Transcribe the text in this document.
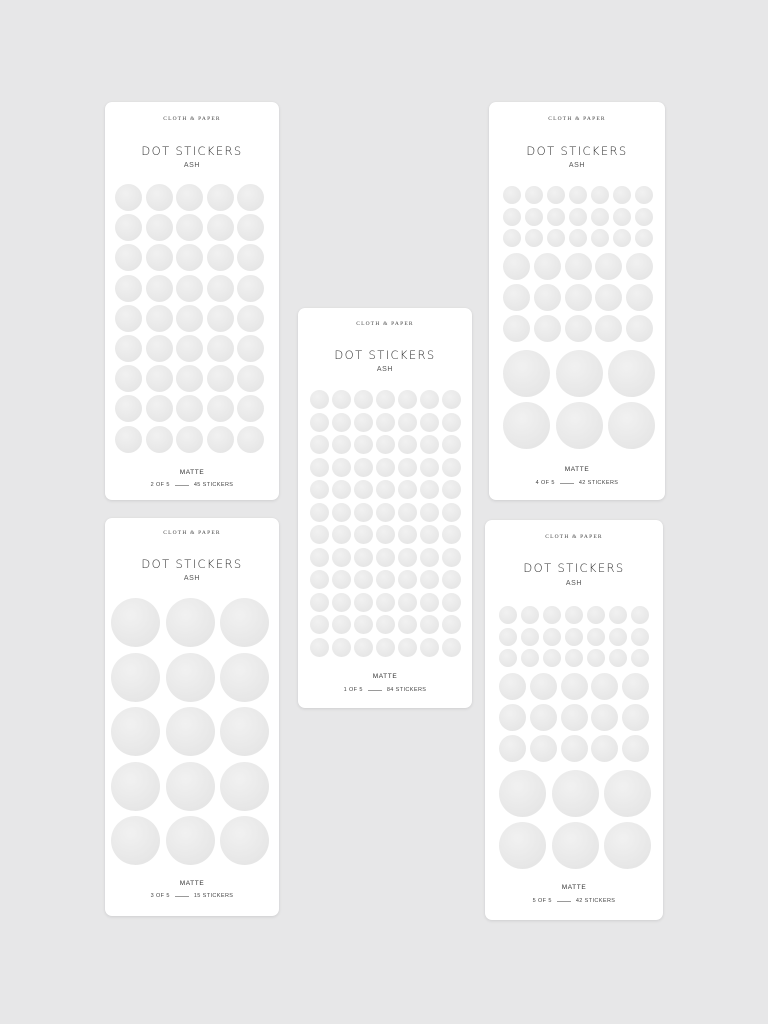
CLOTH & PAPER
DOT STICKERS
ASH
MATTE
2 OF 5	45 STICKERS
CLOTH & PAPER
DOT STICKERS
ASH
MATTE
4 OF 5	42 STICKERS
CLOTH & PAPER
DOT STICKERS
ASH
MATTE
1 OF 5	84 STICKERS
CLOTH & PAPER
DOT STICKERS
ASH
MATTE
3 OF 5	15 STICKERS
CLOTH & PAPER
DOT STICKERS
ASH
MATTE
5 OF 5	42 STICKERS
